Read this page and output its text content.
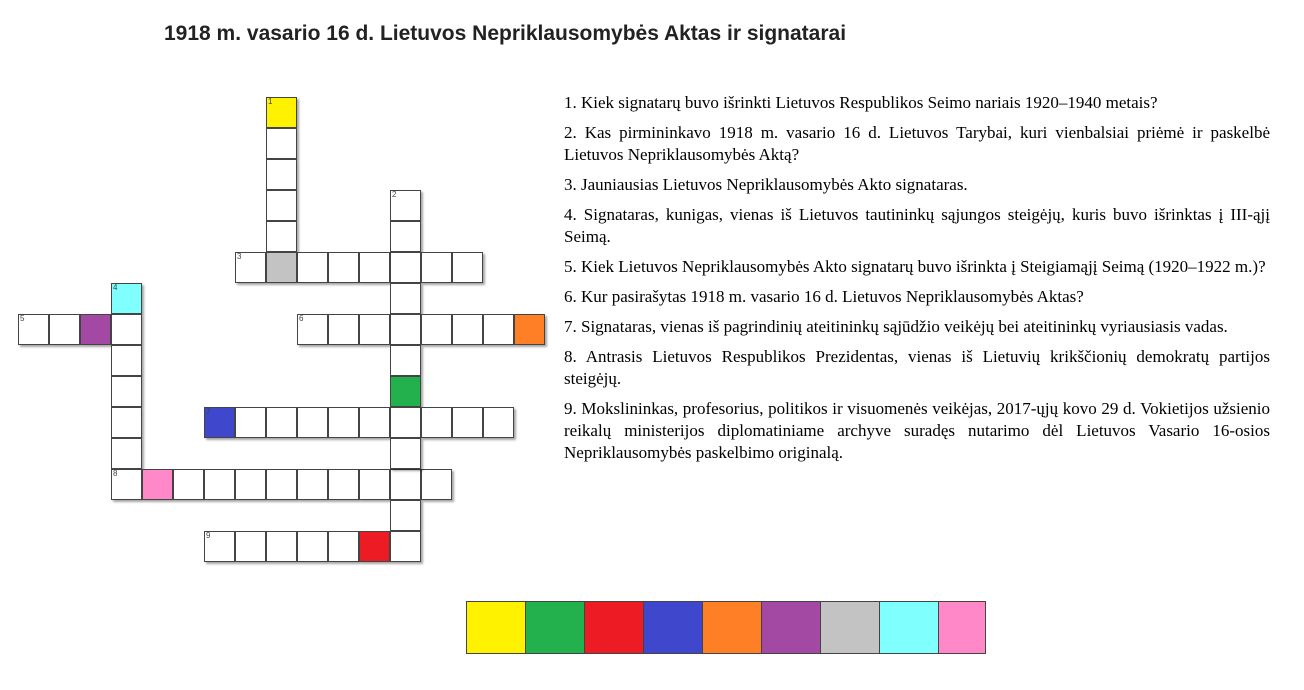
1918 m. vasario 16 d. Lietuvos Nepriklausomybės Aktas ir signatarai
1
2
3
4
5	6
7
8
9
1. Kiek signatarų buvo išrinkti Lietuvos Respublikos Seimo nariais 1920–1940 metais?
2. Kas pirmininkavo 1918 m. vasario 16 d. Lietuvos Tarybai, kuri vienbalsiai priėmė ir paskelbė Lietuvos Nepriklausomybės Aktą?
3. Jauniausias Lietuvos Nepriklausomybės Akto signataras.
4. Signataras, kunigas, vienas iš Lietuvos tautininkų sąjungos steigėjų, kuris buvo išrinktas į III-ąjį Seimą.
5. Kiek Lietuvos Nepriklausomybės Akto signatarų buvo išrinkta į Steigiamąjį Seimą (1920–1922 m.)?
6. Kur pasirašytas 1918 m. vasario 16 d. Lietuvos Nepriklausomybės Aktas?
7. Signataras, vienas iš pagrindinių ateitininkų sąjūdžio veikėjų bei ateitininkų vyriausiasis vadas.
8. Antrasis Lietuvos Respublikos Prezidentas, vienas iš Lietuvių krikščionių demokratų partijos steigėjų.
9. Mokslininkas, profesorius, politikos ir visuomenės veikėjas, 2017-ųjų kovo 29 d. Vokietijos užsienio reikalų ministerijos diplomatiniame archyve suradęs nutarimo dėl Lietuvos Vasario 16-osios Nepriklausomybės paskelbimo originalą.
